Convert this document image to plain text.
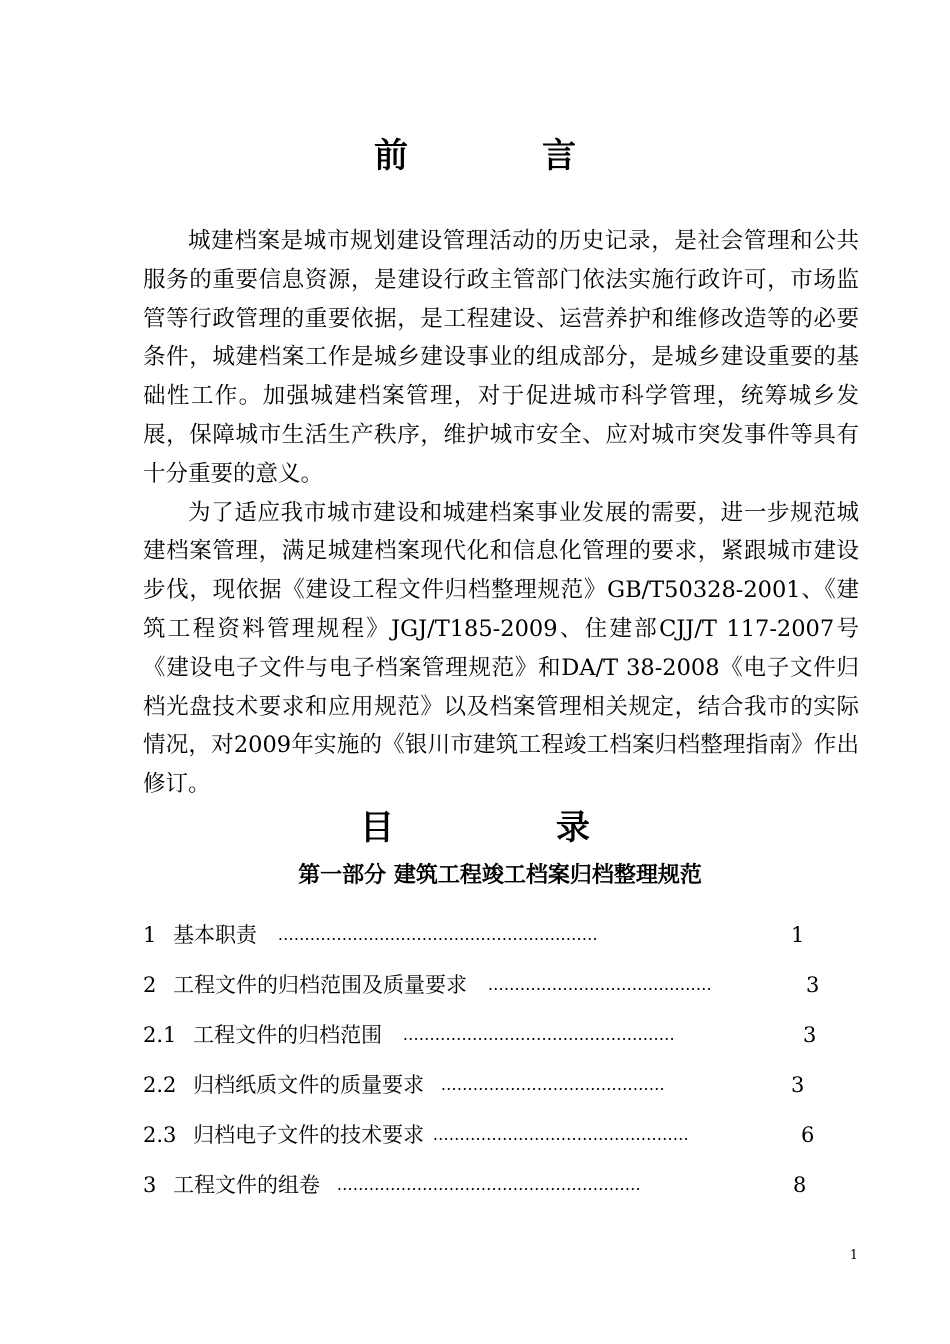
前　言

城建档案是城市规划建设管理活动的历史记录，是社会管理和公共服务的重要信息资源，是建设行政主管部门依法实施行政许可，市场监管等行政管理的重要依据，是工程建设、运营养护和维修改造等的必要条件，城建档案工作是城乡建设事业的组成部分，是城乡建设重要的基础性工作。加强城建档案管理，对于促进城市科学管理，统筹城乡发展，保障城市生活生产秩序，维护城市安全、应对城市突发事件等具有十分重要的意义。

为了适应我市城市建设和城建档案事业发展的需要，进一步规范城建档案管理，满足城建档案现代化和信息化管理的要求，紧跟城市建设步伐，现依据《建设工程文件归档整理规范》GB/T50328-2001、《建筑工程资料管理规程》JGJ/T185-2009、住建部CJJ/T 117-2007号《建设电子文件与电子档案管理规范》和DA/T 38-2008《电子文件归档光盘技术要求和应用规范》以及档案管理相关规定，结合我市的实际情况，对2009年实施的《银川市建筑工程竣工档案归档整理指南》作出修订。

目　录
第一部分 建筑工程竣工档案归档整理规范
1 基本职责 ……………………………………………………	1
2 工程文件的归档范围及质量要求 ……………………………………	3
2.1 工程文件的归档范围 ……………………………………………	3
2.2 归档纸质文件的质量要求 ……………………………………	3
2.3 归档电子文件的技术要求 …………………………………………	6
3 工程文件的组卷 …………………………………………………	8
1
